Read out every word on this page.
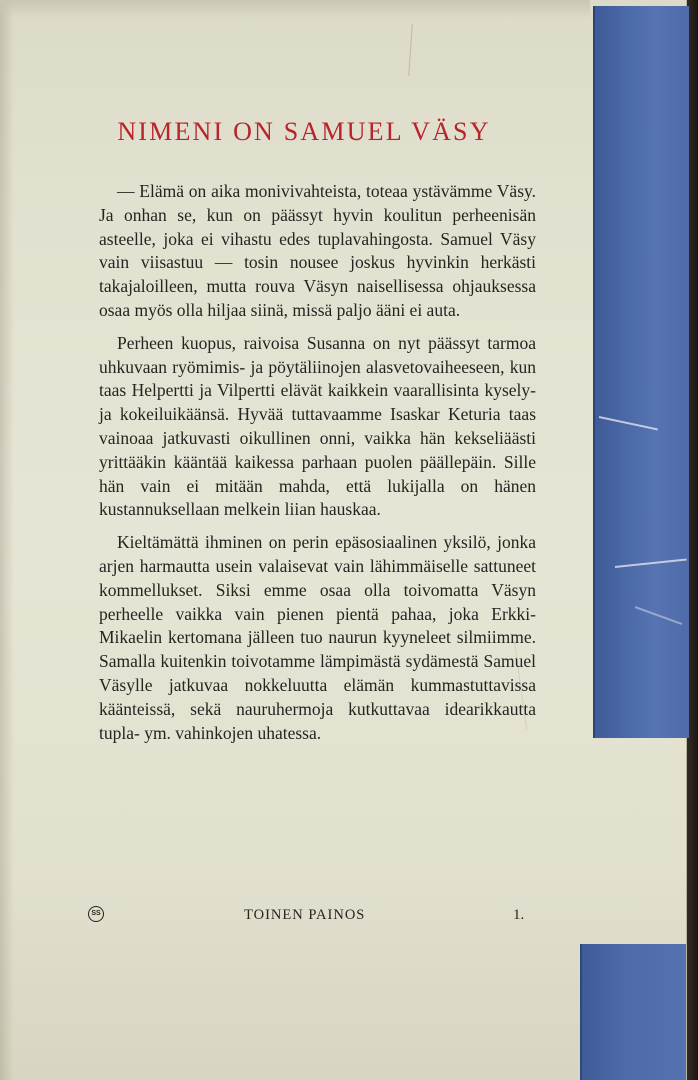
NIMENI ON SAMUEL VÄSY

— Elämä on aika monivivahteista, toteaa ystävämme Väsy. Ja onhan se, kun on päässyt hyvin koulitun perheenisän asteelle, joka ei vihastu edes tuplavahingosta. Samuel Väsy vain viisastuu — tosin nousee joskus hyvinkin herkästi takajaloilleen, mutta rouva Väsyn naisellisessa ohjauksessa osaa myös olla hiljaa siinä, missä paljo ääni ei auta.

Perheen kuopus, raivoisa Susanna on nyt päässyt tarmoa uhkuvaan ryömimis- ja pöytäliinojen alasvetovaiheeseen, kun taas Helpertti ja Vilpertti elävät kaikkein vaarallisinta kysely- ja kokeiluikäänsä. Hyvää tuttavaamme Isaskar Keturia taas vainoaa jatkuvasti oikullinen onni, vaikka hän kekseliäästi yrittääkin kääntää kaikessa parhaan puolen päällepäin. Sille hän vain ei mitään mahda, että lukijalla on hänen kustannuksellaan melkein liian hauskaa.

Kieltämättä ihminen on perin epäsosiaalinen yksilö, jonka arjen harmautta usein valaisevat vain lähimmäiselle sattuneet kommellukset. Siksi emme osaa olla toivomatta Väsyn perheelle vaikka vain pienen pientä pahaa, joka Erkki-Mikaelin kertomana jälleen tuo naurun kyyneleet silmiimme. Samalla kuitenkin toivotamme lämpimästä sydämestä Samuel Väsylle jatkuvaa nokkeluutta elämän kummastuttavissa käänteissä, sekä nauruhermoja kutkuttavaa idearikkautta tupla- ym. vahinkojen uhatessa.

SS	TOINEN PAINOS	1.
